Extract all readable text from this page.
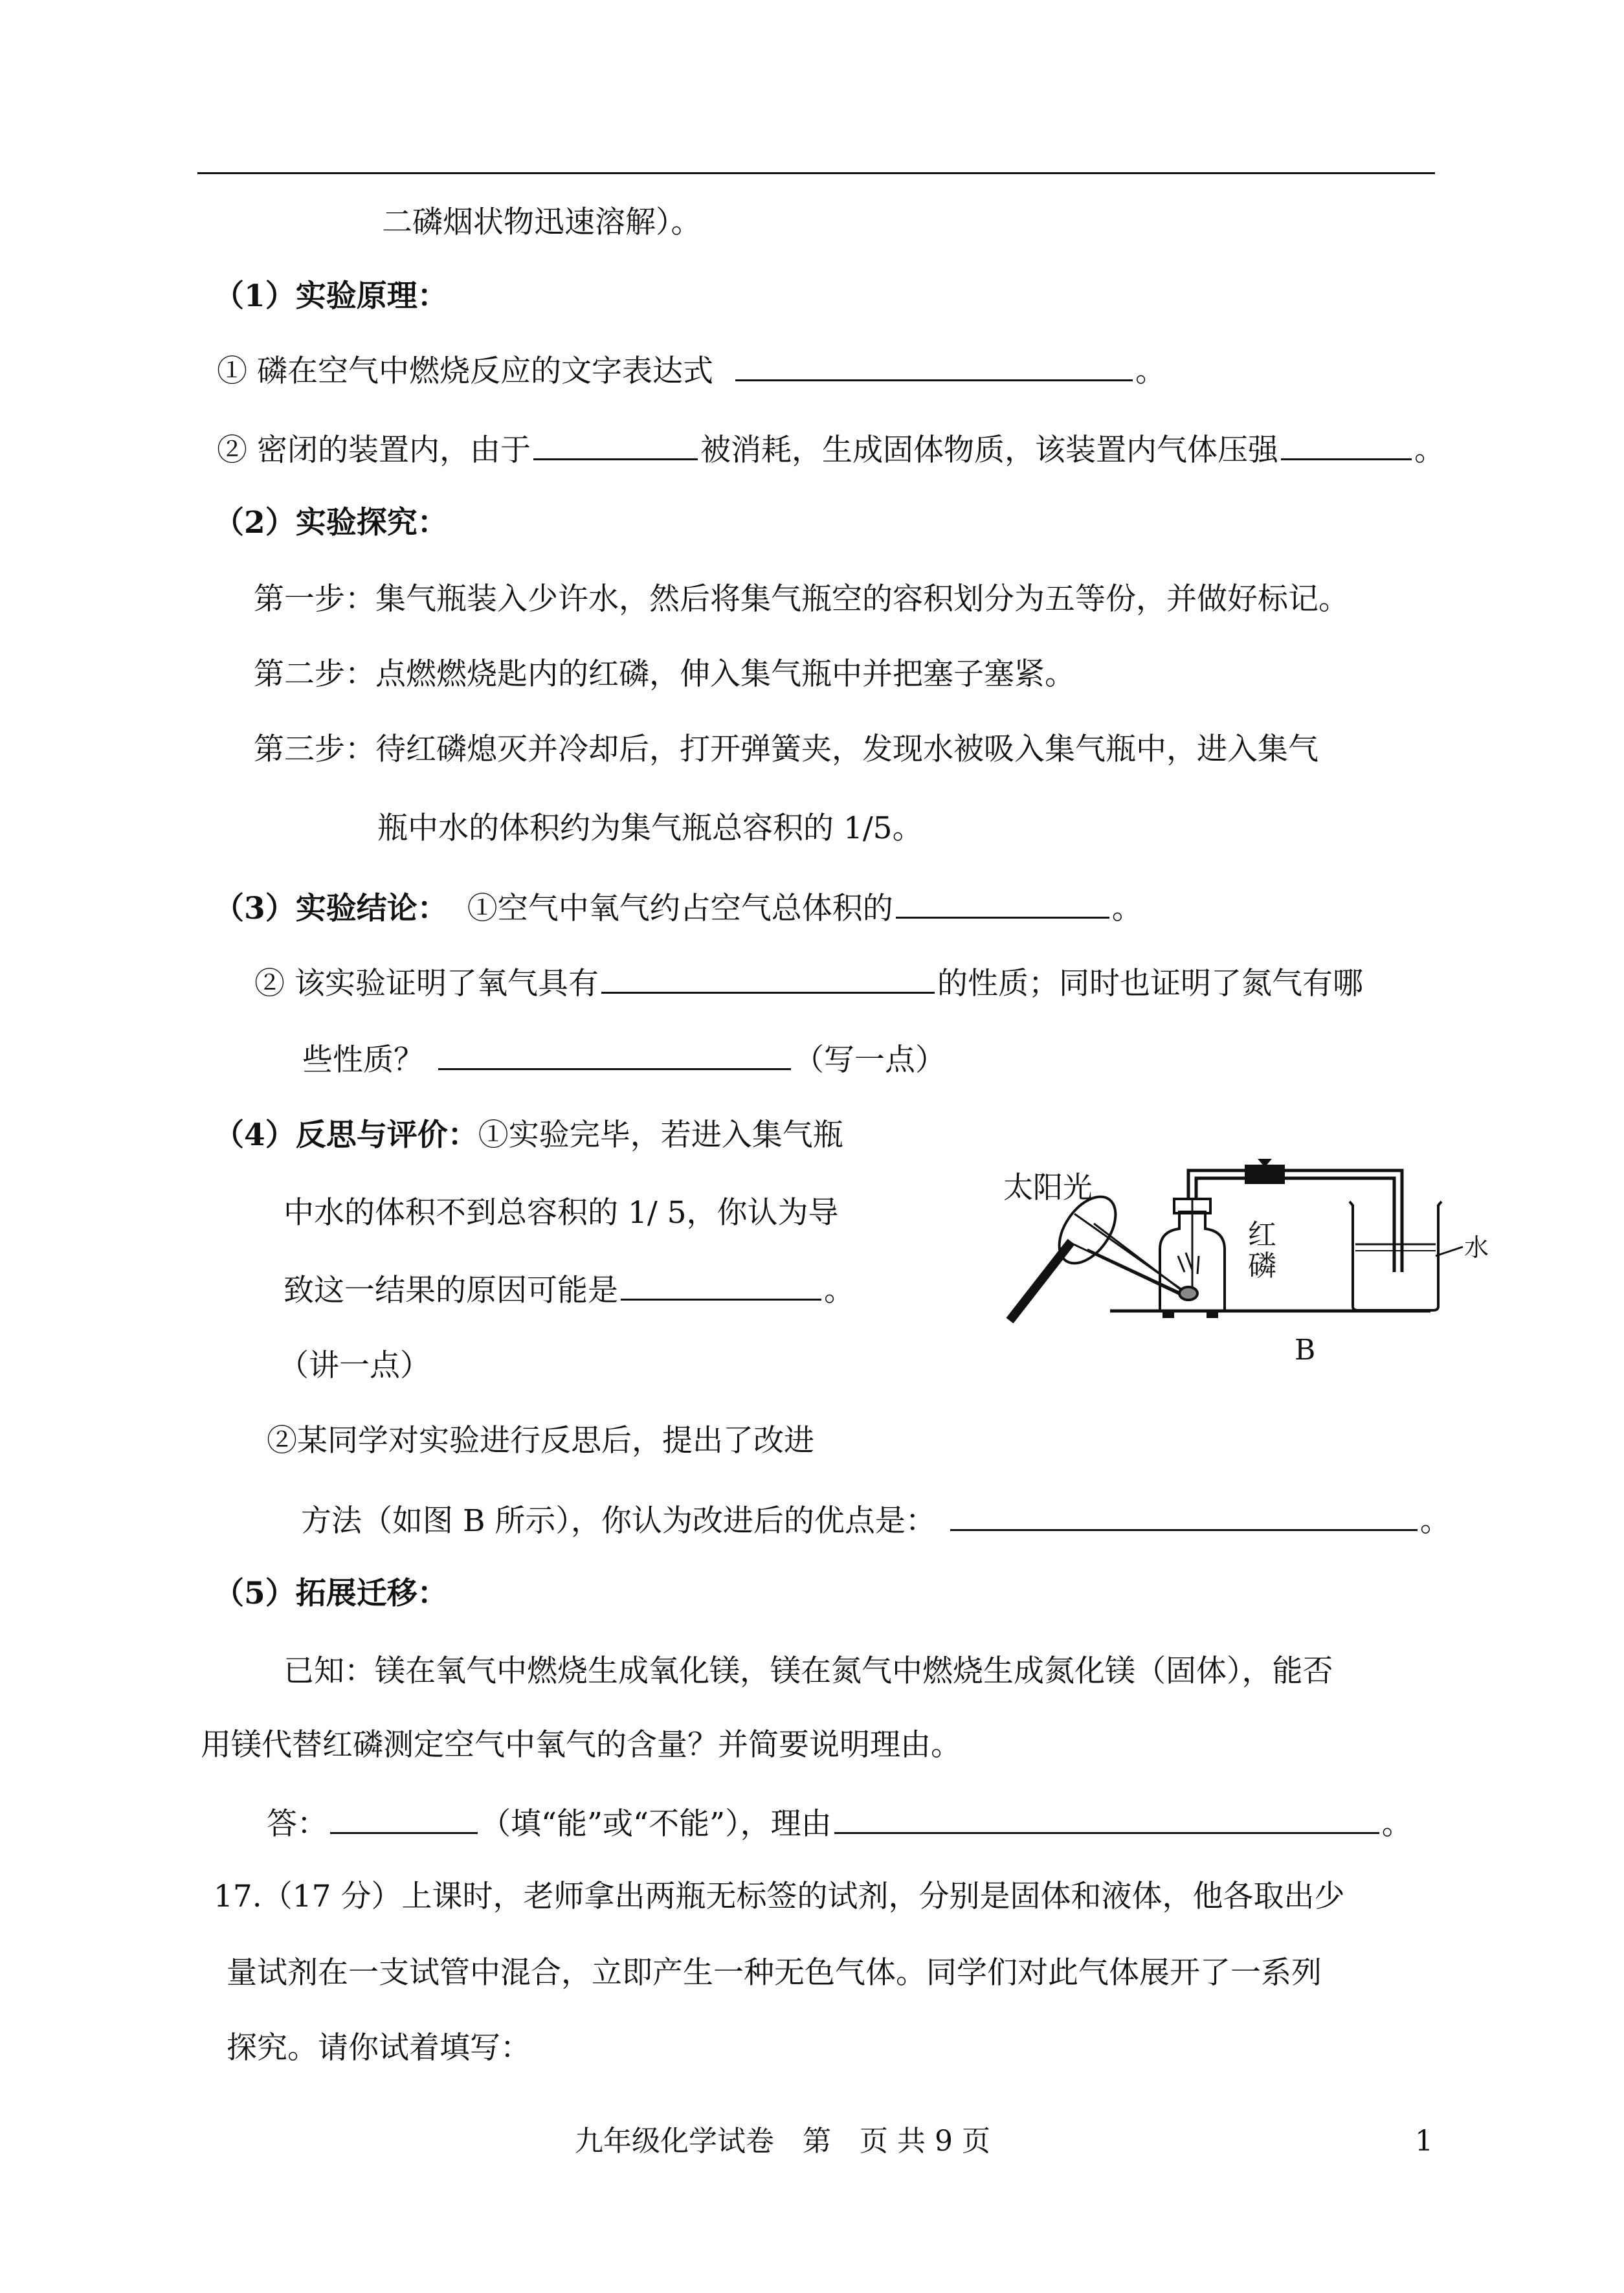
二磷烟状物迅速溶解）。
（1）实验原理：
① 磷在空气中燃烧反应的文字表达式	。
② 密闭的装置内，由于	被消耗，生成固体物质，该装置内气体压强	。
（2）实验探究：
第一步：集气瓶装入少许水，然后将集气瓶空的容积划分为五等份，并做好标记。
第二步：点燃燃烧匙内的红磷，伸入集气瓶中并把塞子塞紧。
第三步：待红磷熄灭并冷却后，打开弹簧夹，发现水被吸入集气瓶中，进入集气
瓶中水的体积约为集气瓶总容积的 1/5。
（3）实验结论： ①空气中氧气约占空气总体积的	。
② 该实验证明了氧气具有	的性质；同时也证明了氮气有哪
些性质？	（写一点）
（4）反思与评价：①实验完毕，若进入集气瓶
中水的体积不到总容积的 1/ 5，你认为导
致这一结果的原因可能是	。
（讲一点）
②某同学对实验进行反思后，提出了改进
方法（如图 B 所示），你认为改进后的优点是：	。
（5）拓展迁移：
已知：镁在氧气中燃烧生成氧化镁，镁在氮气中燃烧生成氮化镁（固体），能否
用镁代替红磷测定空气中氧气的含量？并简要说明理由。
答：	（填“能”或“不能”），理由	。
17.（17 分）上课时，老师拿出两瓶无标签的试剂，分别是固体和液体，他各取出少
量试剂在一支试管中混合，立即产生一种无色气体。同学们对此气体展开了一系列
探究。请你试着填写：
太阳光
红
磷
水
B
九年级化学试卷　第　页 共 9 页	1
